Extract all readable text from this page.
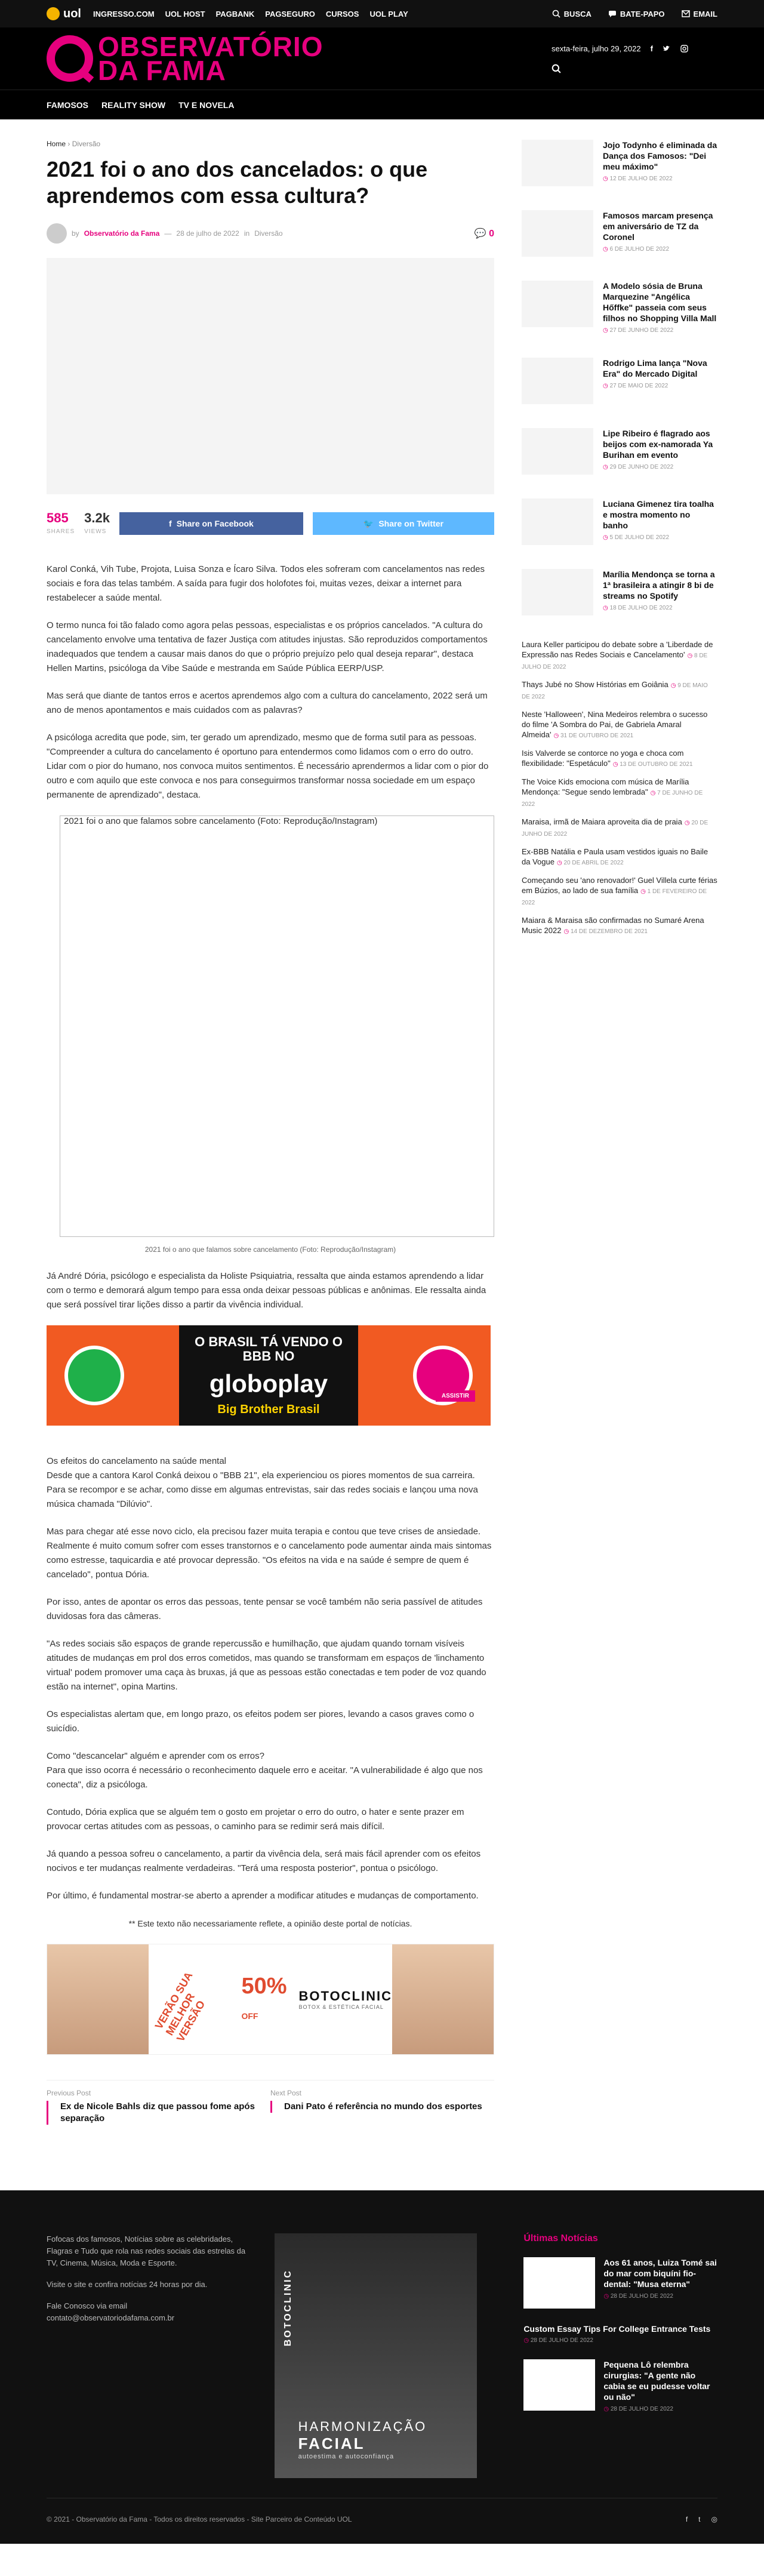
uol INGRESSO.COM UOL HOST PAGBANK PAGSEGURO CURSOS UOL PLAY	BUSCA	BATE-PAPO	EMAIL
OBSERVATÓRIO
DA FAMA
sexta-feira, julho 29, 2022 f
FAMOSOS REALITY SHOW TV E NOVELA
Home › Diversão
2021 foi o ano dos cancelados: o que aprendemos com essa cultura?
by Observatório da Fama — 28 de julho de 2022 in Diversão	💬 0
585
SHARES
3.2k
VIEWS
f Share on Facebook	🐦 Share on Twitter

Karol Conká, Vih Tube, Projota, Luisa Sonza e Ícaro Silva. Todos eles sofreram com cancelamentos nas redes sociais e fora das telas também. A saída para fugir dos holofotes foi, muitas vezes, deixar a internet para restabelecer a saúde mental.

O termo nunca foi tão falado como agora pelas pessoas, especialistas e os próprios cancelados. "A cultura do cancelamento envolve uma tentativa de fazer Justiça com atitudes injustas. São reproduzidos comportamentos inadequados que tendem a causar mais danos do que o próprio prejuízo pelo qual deseja reparar", destaca Hellen Martins, psicóloga da Vibe Saúde e mestranda em Saúde Pública EERP/USP.

Mas será que diante de tantos erros e acertos aprendemos algo com a cultura do cancelamento, 2022 será um ano de menos apontamentos e mais cuidados com as palavras?

A psicóloga acredita que pode, sim, ter gerado um aprendizado, mesmo que de forma sutil para as pessoas. "Compreender a cultura do cancelamento é oportuno para entendermos como lidamos com o erro do outro. Lidar com o pior do humano, nos convoca muitos sentimentos. É necessário aprendermos a lidar com o pior do outro e com aquilo que este convoca e nos para conseguirmos transformar nossa sociedade em um espaço permanente de aprendizado", destaca.

2021 foi o ano que falamos sobre cancelamento (Foto: Reprodução/Instagram)
2021 foi o ano que falamos sobre cancelamento (Foto: Reprodução/Instagram)

Já André Dória, psicólogo e especialista da Holiste Psiquiatria, ressalta que ainda estamos aprendendo a lidar com o termo e demorará algum tempo para essa onda deixar pessoas públicas e anônimas. Ele ressalta ainda que será possível tirar lições disso a partir da vivência individual.

O BRASIL TÁ VENDO O BBB NO
globoplay
Big Brother Brasil
ASSISTIR

Os efeitos do cancelamento na saúde mental
Desde que a cantora Karol Conká deixou o "BBB 21", ela experienciou os piores momentos de sua carreira. Para se recompor e se achar, como disse em algumas entrevistas, sair das redes sociais e lançou uma nova música chamada "Dilúvio".

Mas para chegar até esse novo ciclo, ela precisou fazer muita terapia e contou que teve crises de ansiedade. Realmente é muito comum sofrer com esses transtornos e o cancelamento pode aumentar ainda mais sintomas como estresse, taquicardia e até provocar depressão. "Os efeitos na vida e na saúde é sempre de quem é cancelado", pontua Dória.

Por isso, antes de apontar os erros das pessoas, tente pensar se você também não seria passível de atitudes duvidosas fora das câmeras.

"As redes sociais são espaços de grande repercussão e humilhação, que ajudam quando tornam visíveis atitudes de mudanças em prol dos erros cometidos, mas quando se transformam em espaços de 'linchamento virtual' podem promover uma caça às bruxas, já que as pessoas estão conectadas e tem poder de voz quando estão na internet", opina Martins.

Os especialistas alertam que, em longo prazo, os efeitos podem ser piores, levando a casos graves como o suicídio.

Como "descancelar" alguém e aprender com os erros?
Para que isso ocorra é necessário o reconhecimento daquele erro e aceitar. "A vulnerabilidade é algo que nos conecta", diz a psicóloga.

Contudo, Dória explica que se alguém tem o gosto em projetar o erro do outro, o hater e sente prazer em provocar certas atitudes com as pessoas, o caminho para se redimir será mais difícil.

Já quando a pessoa sofreu o cancelamento, a partir da vivência dela, será mais fácil aprender com os efeitos nocivos e ter mudanças realmente verdadeiras. "Terá uma resposta posterior", pontua o psicólogo.

Por último, é fundamental mostrar-se aberto a aprender a modificar atitudes e mudanças de comportamento.

** Este texto não necessariamente reflete, a opinião deste portal de notícias.

VERÃO SUA MELHOR VERSÃO
50% OFF
BOTOCLINIC
BOTOX & ESTÉTICA FACIAL
Previous Post
Ex de Nicole Bahls diz que passou fome após separação
Next Post
Dani Pato é referência no mundo dos esportes
Jojo Todynho é eliminada da Dança dos Famosos: "Dei meu máximo"
◷ 12 DE JULHO DE 2022
Famosos marcam presença em aniversário de TZ da Coronel
◷ 6 DE JULHO DE 2022
A Modelo sósia de Bruna Marquezine "Angélica Hőffke" passeia com seus filhos no Shopping Villa Mall
◷ 27 DE JUNHO DE 2022
Rodrigo Lima lança "Nova Era" do Mercado Digital
◷ 27 DE MAIO DE 2022
Lipe Ribeiro é flagrado aos beijos com ex-namorada Ya Burihan em evento
◷ 29 DE JUNHO DE 2022
Luciana Gimenez tira toalha e mostra momento no banho
◷ 5 DE JULHO DE 2022
Marília Mendonça se torna a 1ª brasileira a atingir 8 bi de streams no Spotify
◷ 18 DE JULHO DE 2022
Laura Keller participou do debate sobre a 'Liberdade de Expressão nas Redes Sociais e Cancelamento' ◷ 8 DE JULHO DE 2022
Thays Jubé no Show Histórias em Goiânia ◷ 9 DE MAIO DE 2022
Neste 'Halloween', Nina Medeiros relembra o sucesso do filme 'A Sombra do Pai, de Gabriela Amaral Almeida' ◷ 31 DE OUTUBRO DE 2021
Isis Valverde se contorce no yoga e choca com flexibilidade: "Espetáculo" ◷ 13 DE OUTUBRO DE 2021
The Voice Kids emociona com música de Marília Mendonça: "Segue sendo lembrada" ◷ 7 DE JUNHO DE 2022
Maraisa, irmã de Maiara aproveita dia de praia ◷ 20 DE JUNHO DE 2022
Ex-BBB Natália e Paula usam vestidos iguais no Baile da Vogue ◷ 20 DE ABRIL DE 2022
Começando seu 'ano renovador!' Guel Villela curte férias em Búzios, ao lado de sua família ◷ 1 DE FEVEREIRO DE 2022
Maiara & Maraisa são confirmadas no Sumaré Arena Music 2022 ◷ 14 DE DEZEMBRO DE 2021

Fofocas dos famosos, Notícias sobre as celebridades, Flagras e Tudo que rola nas redes sociais das estrelas da TV, Cinema, Música, Moda e Esporte.

Visite o site e confira notícias 24 horas por dia.

Fale Conosco via email
contato@observatoriodafama.com.br	BOTOCLINIC
HARMONIZAÇÃO
FACIAL
autoestima e autoconfiança
Últimas Notícias
Aos 61 anos, Luiza Tomé sai do mar com biquíni fio-dental: "Musa eterna"
◷ 28 DE JULHO DE 2022
Custom Essay Tips For College Entrance Tests
◷ 28 DE JULHO DE 2022
Pequena Lô relembra cirurgias: "A gente não cabia se eu pudesse voltar ou não"
◷ 28 DE JULHO DE 2022
© 2021 - Observatório da Fama - Todos os direitos reservados - Site Parceiro de Conteúdo UOL	f t ◎
